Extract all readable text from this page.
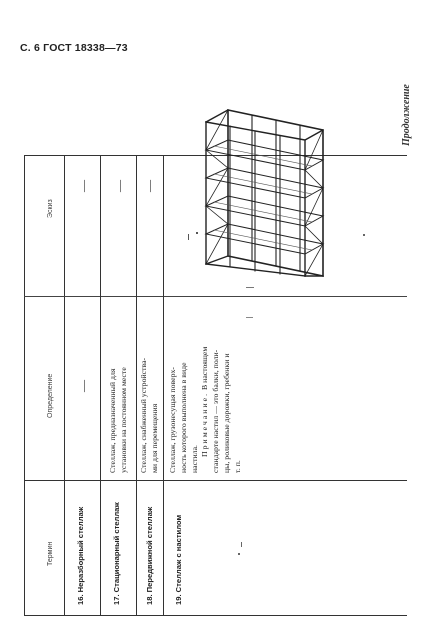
С. 6 ГОСТ 18338—73
Продолжение
Термин
Определение
Эскиз
16. Неразборный стеллаж
—
—
17. Стационарный стеллаж
Стеллаж, предназначенный для установки на постоянном месте
—
18. Передвижной стеллаж
Стеллаж, снабженный устройства- ми для перемещения
—
19. Стеллаж с настилом
Стеллаж, грузонесущая поверх- ность которого выполнена в виде настила.
Примечание. В настоящем стандарте настил — это балки, поли- цы, роликовые дорожки, гребенки и т. п.
